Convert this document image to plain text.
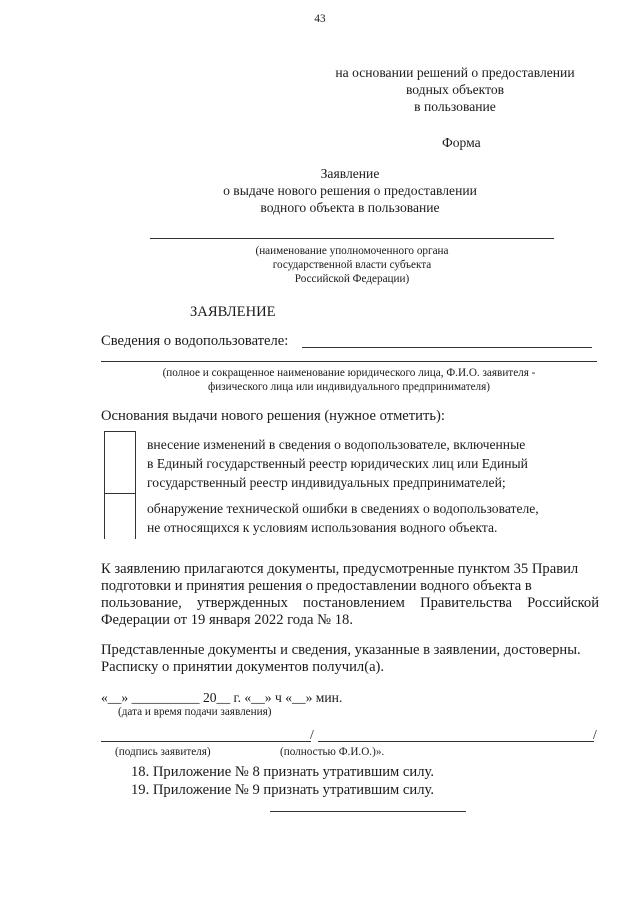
43
на основании решений о предоставлении
водных объектов
в пользование
Форма
Заявление
о выдаче нового решения о предоставлении
водного объекта в пользование
(наименование уполномоченного органа
государственной власти субъекта
Российской Федерации)
ЗАЯВЛЕНИЕ
Сведения о водопользователе:
(полное и сокращенное наименование юридического лица, Ф.И.О. заявителя -
физического лица или индивидуального предпринимателя)
Основания выдачи нового решения (нужное отметить):
внесение изменений в сведения о водопользователе, включенные
в Единый государственный реестр юридических лиц или Единый
государственный реестр индивидуальных предпринимателей;
обнаружение технической ошибки в сведениях о водопользователе,
не относящихся к условиям использования водного объекта.
К заявлению прилагаются документы, предусмотренные пунктом 35 Правил
подготовки и принятия решения о предоставлении водного объекта в
пользование, утвержденных постановлением Правительства Российской
Федерации от 19 января 2022 года № 18.
Представленные документы и сведения, указанные в заявлении, достоверны.
Расписку о принятии документов получил(а).
«__» __________ 20__ г. «__» ч «__» мин.
(дата и время подачи заявления)
/	/
(подпись заявителя)	(полностью Ф.И.О.)».
18. Приложение № 8 признать утратившим силу.
19. Приложение № 9 признать утратившим силу.
